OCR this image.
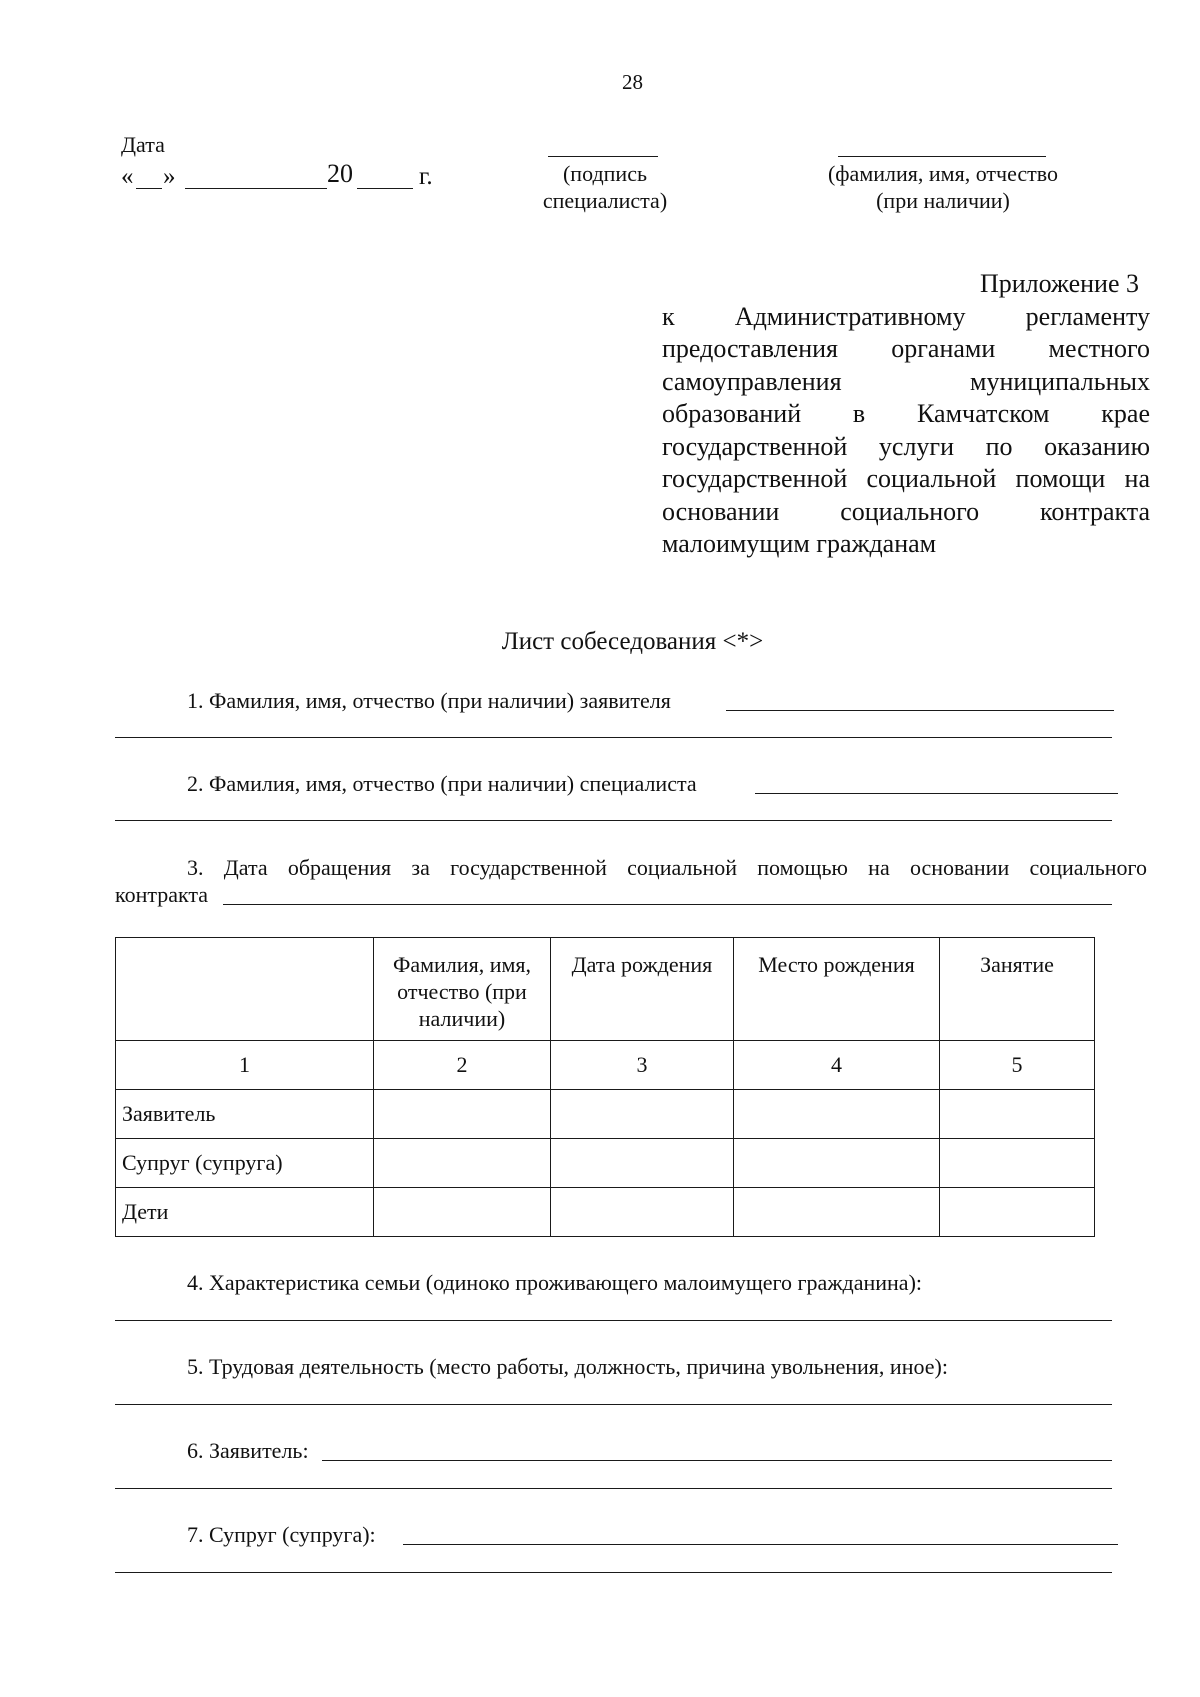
28
Дата
« »	20	г.	(подпись специалиста)
(фамилия, имя, отчество (при наличии)
Приложение 3
к Административному регламенту предоставления органами местного самоуправления муниципальных образований в Камчатском крае государственной услуги по оказанию государственной социальной помощи на основании социального контракта малоимущим гражданам
Лист собеседования <*>
1. Фамилия, имя, отчество (при наличии) заявителя
2. Фамилия, имя, отчество (при наличии) специалиста
3. Дата обращения за государственной социальной помощью на основании социального
контракта
	Фамилия, имя, отчество (при наличии)	Дата рождения	Место рождения	Занятие
1	2	3	4	5
Заявитель				
Супруг (супруга)				
Дети				
4. Характеристика семьи (одиноко проживающего малоимущего гражданина):
5. Трудовая деятельность (место работы, должность, причина увольнения, иное):
6. Заявитель:
7. Супруг (супруга):
